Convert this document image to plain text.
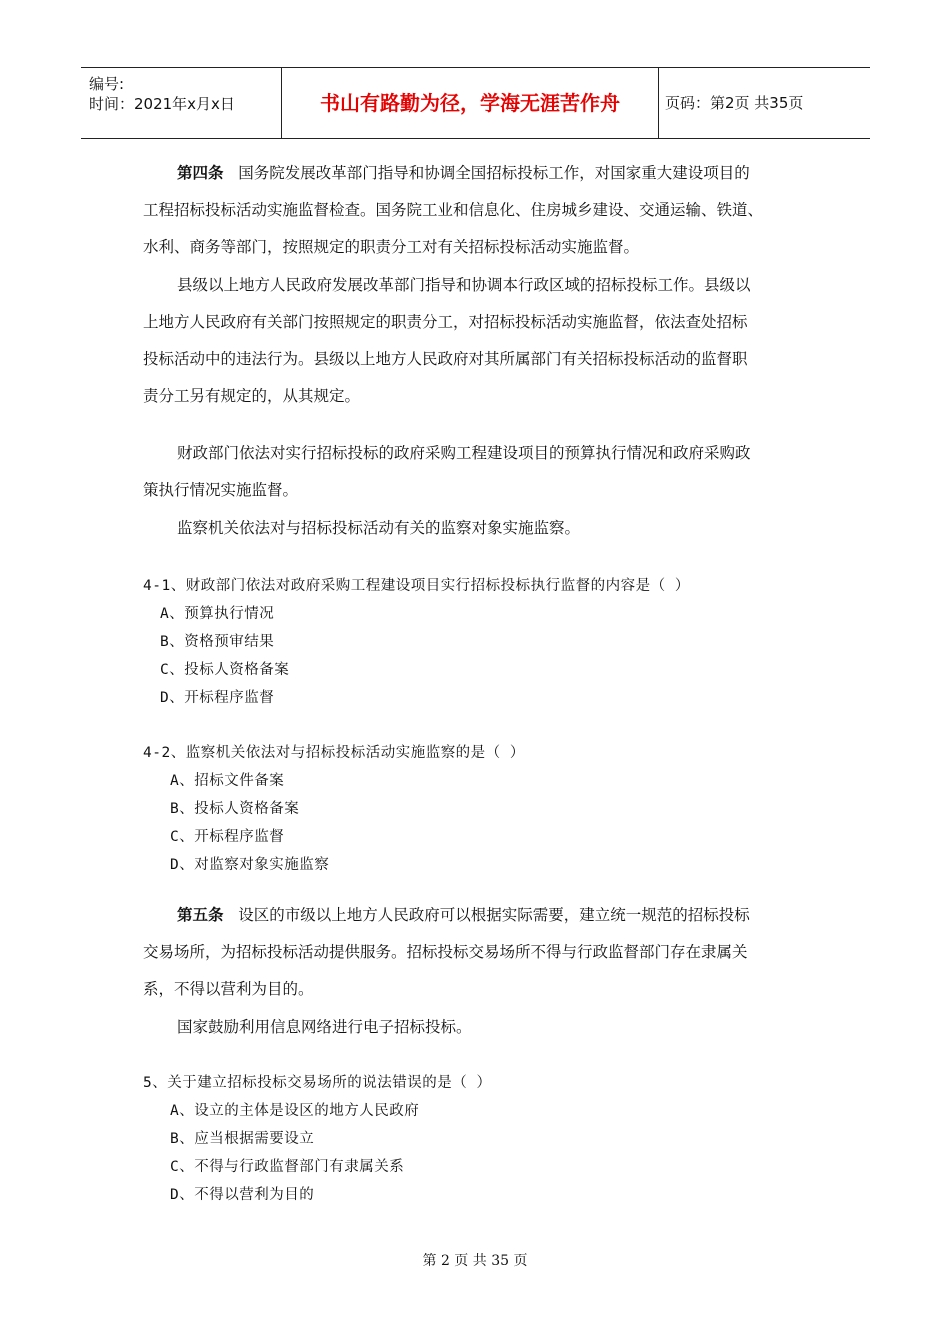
编号:
时间：2021年x月x日	书山有路勤为径，学海无涯苦作舟	页码：第2页 共35页
第四条 国务院发展改革部门指导和协调全国招标投标工作，对国家重大建设项目的
工程招标投标活动实施监督检查。国务院工业和信息化、住房城乡建设、交通运输、铁道、
水利、商务等部门，按照规定的职责分工对有关招标投标活动实施监督。
县级以上地方人民政府发展改革部门指导和协调本行政区域的招标投标工作。县级以
上地方人民政府有关部门按照规定的职责分工，对招标投标活动实施监督，依法查处招标
投标活动中的违法行为。县级以上地方人民政府对其所属部门有关招标投标活动的监督职
责分工另有规定的，从其规定。
财政部门依法对实行招标投标的政府采购工程建设项目的预算执行情况和政府采购政
策执行情况实施监督。
监察机关依法对与招标投标活动有关的监察对象实施监察。
4-1、财政部门依法对政府采购工程建设项目实行招标投标执行监督的内容是（ ）
A、预算执行情况
B、资格预审结果
C、投标人资格备案
D、开标程序监督
4-2、监察机关依法对与招标投标活动实施监察的是（ ）
A、招标文件备案
B、投标人资格备案
C、开标程序监督
D、对监察对象实施监察
第五条 设区的市级以上地方人民政府可以根据实际需要，建立统一规范的招标投标
交易场所，为招标投标活动提供服务。招标投标交易场所不得与行政监督部门存在隶属关
系，不得以营利为目的。
国家鼓励利用信息网络进行电子招标投标。
5、关于建立招标投标交易场所的说法错误的是（ ）
A、设立的主体是设区的地方人民政府
B、应当根据需要设立
C、不得与行政监督部门有隶属关系
D、不得以营利为目的
第 2 页 共 35 页
